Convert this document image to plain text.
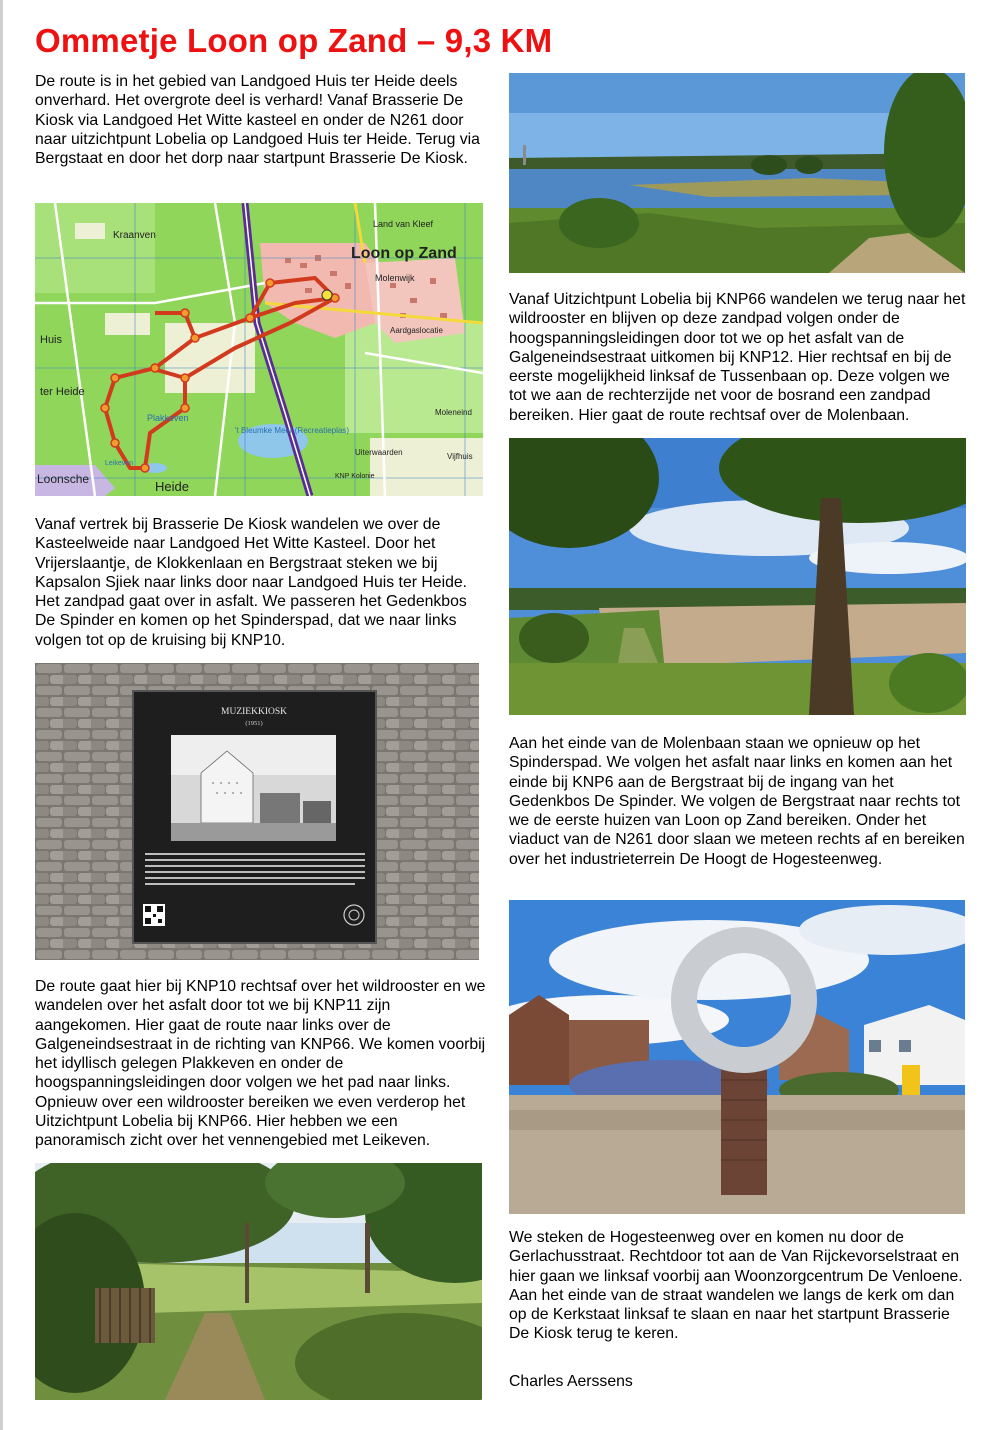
Ommetje Loon op Zand – 9,3 KM

De route is in het gebied van Landgoed Huis ter Heide deels onverhard. Het overgrote deel is verhard! Vanaf Brasserie De Kiosk via Landgoed Het Witte kasteel en onder de N261 door naar uitzichtpunt Lobelia op Landgoed Huis ter Heide. Terug via Bergstaat en door het dorp naar startpunt Brasserie De Kiosk.

Kraanven
Land van Kleef
Loon op Zand
Molenwijk
Aardgaslocatie
ter Heide
Huis
Plakkeven
't Bleumke Meer (Recreatieplas)
Uiterwaarden
Moleneind
Vijfhuis
Loonsche	Heide
Leikeven
KNP Kolonie

Vanaf vertrek bij Brasserie De Kiosk wandelen we over de Kasteelweide naar Landgoed Het Witte Kasteel. Door het Vrijerslaantje, de Klokkenlaan en Bergstraat steken we bij Kapsalon Sjiek naar links door naar Landgoed Huis ter Heide. Het zandpad gaat over in asfalt. We passeren het Gedenkbos De Spinder en komen op het Spinderspad, dat we naar links volgen tot op de kruising bij KNP10.

MUZIEKKIOSK
(1951)

De route gaat hier bij KNP10 rechtsaf over het wildrooster en we wandelen over het asfalt door tot we bij KNP11 zijn aangekomen. Hier gaat de route naar links over de Galgeneindsestraat in de richting van KNP66. We komen voorbij het idyllisch gelegen Plakkeven en onder de hoogspanningsleidingen door volgen we het pad naar links. Opnieuw over een wildrooster bereiken we even verderop het Uitzichtpunt Lobelia bij KNP66. Hier hebben we een panoramisch zicht over het vennengebied met Leikeven.

Vanaf Uitzichtpunt Lobelia bij KNP66 wandelen we terug naar het wildrooster en blijven op deze zandpad volgen onder de hoogspanningsleidingen door tot we op het asfalt van de Galgeneindsestraat uitkomen bij KNP12. Hier rechtsaf en bij de eerste mogelijkheid linksaf de Tussenbaan op. Deze volgen we tot we aan de rechterzijde net voor de bosrand een zandpad bereiken. Hier gaat de route rechtsaf over de Molenbaan.

Aan het einde van de Molenbaan staan we opnieuw op het Spinderspad. We volgen het asfalt naar links en komen aan het einde bij KNP6 aan de Bergstraat bij de ingang van het Gedenkbos De Spinder. We volgen de Bergstraat naar rechts tot we de eerste huizen van Loon op Zand bereiken. Onder het viaduct van de N261 door slaan we meteen rechts af en bereiken over het industrieterrein De Hoogt de Hogesteenweg.

We steken de Hogesteenweg over en komen nu door de Gerlachusstraat. Rechtdoor tot aan de Van Rijckevorselstraat en hier gaan we linksaf voorbij aan Woonzorgcentrum De Venloene. Aan het einde van de straat wandelen we langs de kerk om dan op de Kerkstaat linksaf te slaan en naar het startpunt Brasserie De Kiosk terug te keren.

Charles Aerssens
